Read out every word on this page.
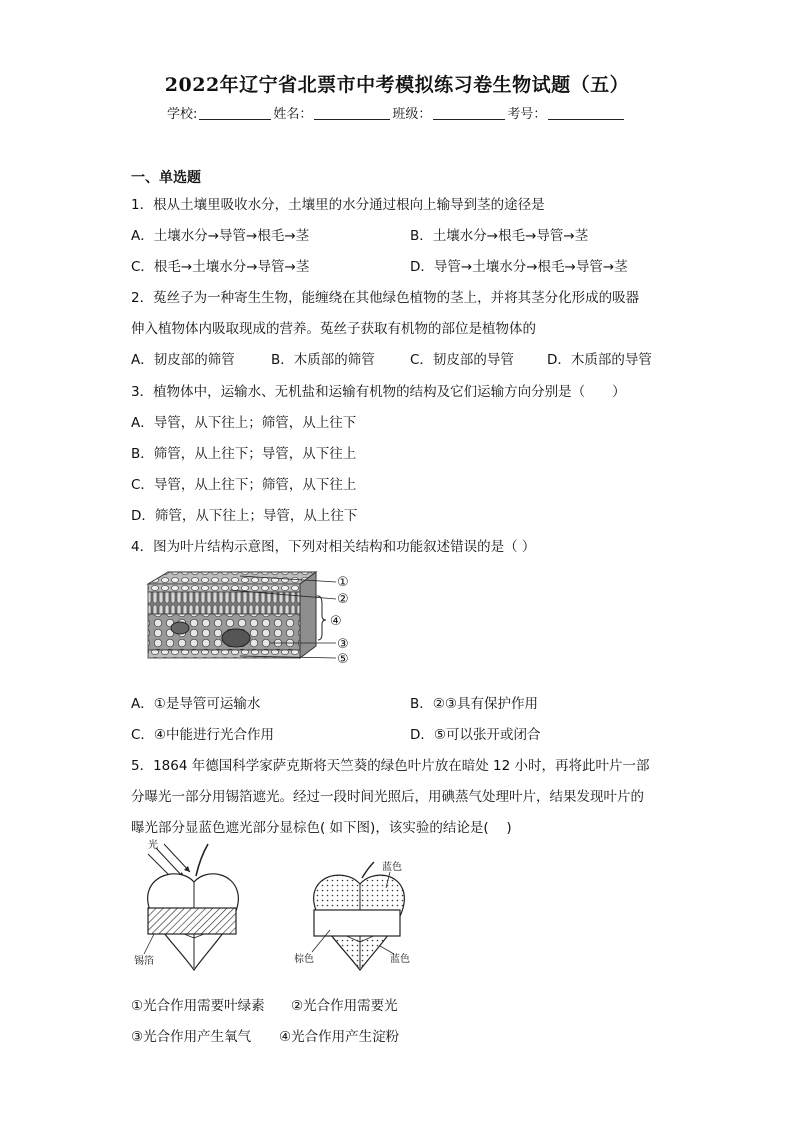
2022年辽宁省北票市中考模拟练习卷生物试题（五）
学校:	姓名：	班级：	考号：
一、单选题
1．根从土壤里吸收水分，土壤里的水分通过根向上输导到茎的途径是
A．土壤水分→导管→根毛→茎	B．土壤水分→根毛→导管→茎
C．根毛→土壤水分→导管→茎	D．导管→土壤水分→根毛→导管→茎
2．菟丝子为一种寄生生物，能缠绕在其他绿色植物的茎上，并将其茎分化形成的吸器
伸入植物体内吸取现成的营养。菟丝子获取有机物的部位是植物体的
A．韧皮部的筛管	B．木质部的筛管	C．韧皮部的导管 D．木质部的导管
3．植物体中，运输水、无机盐和运输有机物的结构及它们运输方向分别是（　　）
A．导管，从下往上；筛管，从上往下
B．筛管，从上往下；导管，从下往上
C．导管，从上往下；筛管，从下往上
D．筛管，从下往上；导管，从上往下
4．图为叶片结构示意图，下列对相关结构和功能叙述错误的是（ ）
①
②
④
③
⑤
A．①是导管可运输水	B．②③具有保护作用
C．④中能进行光合作用	D．⑤可以张开或闭合
5．1864 年德国科学家萨克斯将天竺葵的绿色叶片放在暗处 12 小时，再将此叶片一部
分曝光一部分用锡箔遮光。经过一段时间光照后，用碘蒸气处理叶片，结果发现叶片的
曝光部分显蓝色遮光部分显棕色( 如下图)，该实验的结论是(　 )
光
锡箔
蓝色
棕色	蓝色
①光合作用需要叶绿素 ②光合作用需要光
③光合作用产生氧气 ④光合作用产生淀粉
